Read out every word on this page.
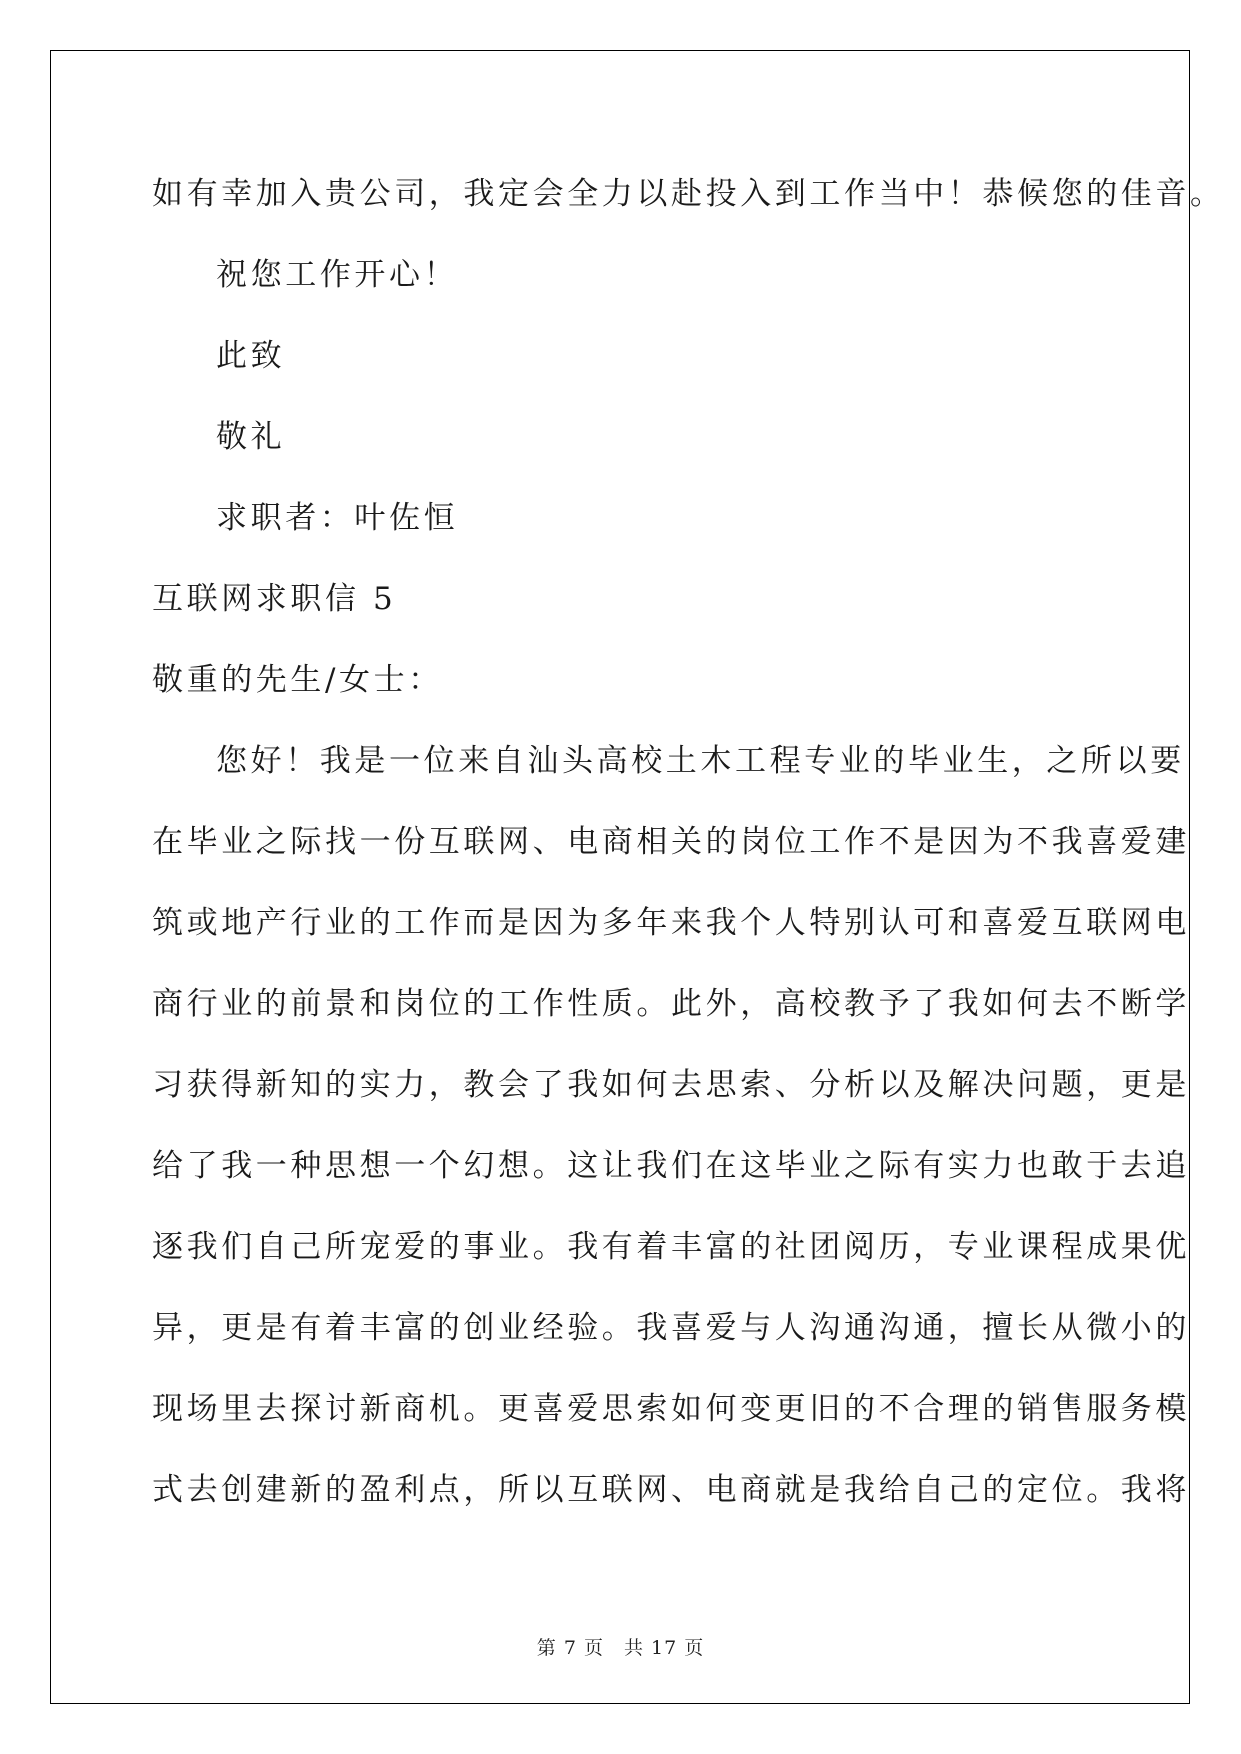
如有幸加入贵公司，我定会全力以赴投入到工作当中！恭候您的佳音。
祝您工作开心！
此致
敬礼
求职者：叶佐恒
互联网求职信 5
敬重的先生/女士：
您好！我是一位来自汕头高校土木工程专业的毕业生，之所以要
在毕业之际找一份互联网、电商相关的岗位工作不是因为不我喜爱建
筑或地产行业的工作而是因为多年来我个人特别认可和喜爱互联网电
商行业的前景和岗位的工作性质。此外，高校教予了我如何去不断学
习获得新知的实力，教会了我如何去思索、分析以及解决问题，更是
给了我一种思想一个幻想。这让我们在这毕业之际有实力也敢于去追
逐我们自己所宠爱的事业。我有着丰富的社团阅历，专业课程成果优
异，更是有着丰富的创业经验。我喜爱与人沟通沟通，擅长从微小的
现场里去探讨新商机。更喜爱思索如何变更旧的不合理的销售服务模
式去创建新的盈利点，所以互联网、电商就是我给自己的定位。我将
第 7 页 共 17 页
